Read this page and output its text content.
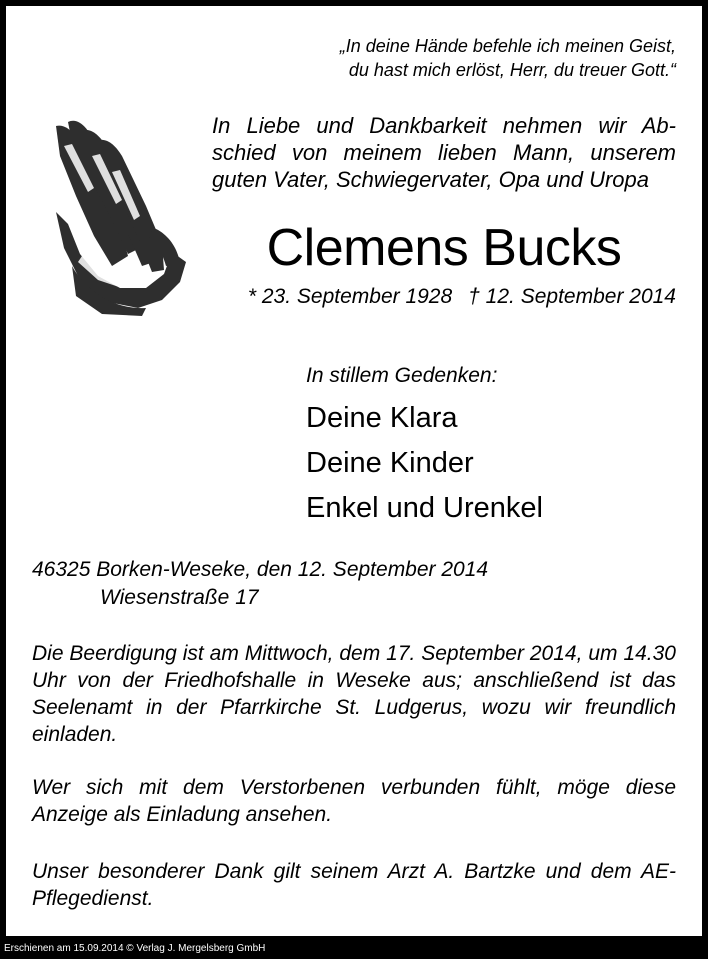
„In deine Hände befehle ich meinen Geist,
du hast mich erlöst, Herr, du treuer Gott.“
In Liebe und Dankbarkeit nehmen wir Ab-
schied von meinem lieben Mann, unserem
guten Vater, Schwiegervater, Opa und Uropa
Clemens Bucks
* 23. September 1928 † 12. September 2014
In stillem Gedenken:
Deine Klara
Deine Kinder
Enkel und Urenkel
46325 Borken-Weseke, den 12. September 2014
Wiesenstraße 17
Die Beerdigung ist am Mittwoch, dem 17. September 2014, um 14.30 Uhr von der Friedhofshalle in Weseke aus; anschließend ist das Seelenamt in der Pfarrkirche St. Ludgerus, wozu wir freundlich einladen.
Wer sich mit dem Verstorbenen verbunden fühlt, möge diese Anzeige als Einladung ansehen.
Unser besonderer Dank gilt seinem Arzt A. Bartzke und dem AE-Pflegedienst.
Erschienen am 15.09.2014 © Verlag J. Mergelsberg GmbH
